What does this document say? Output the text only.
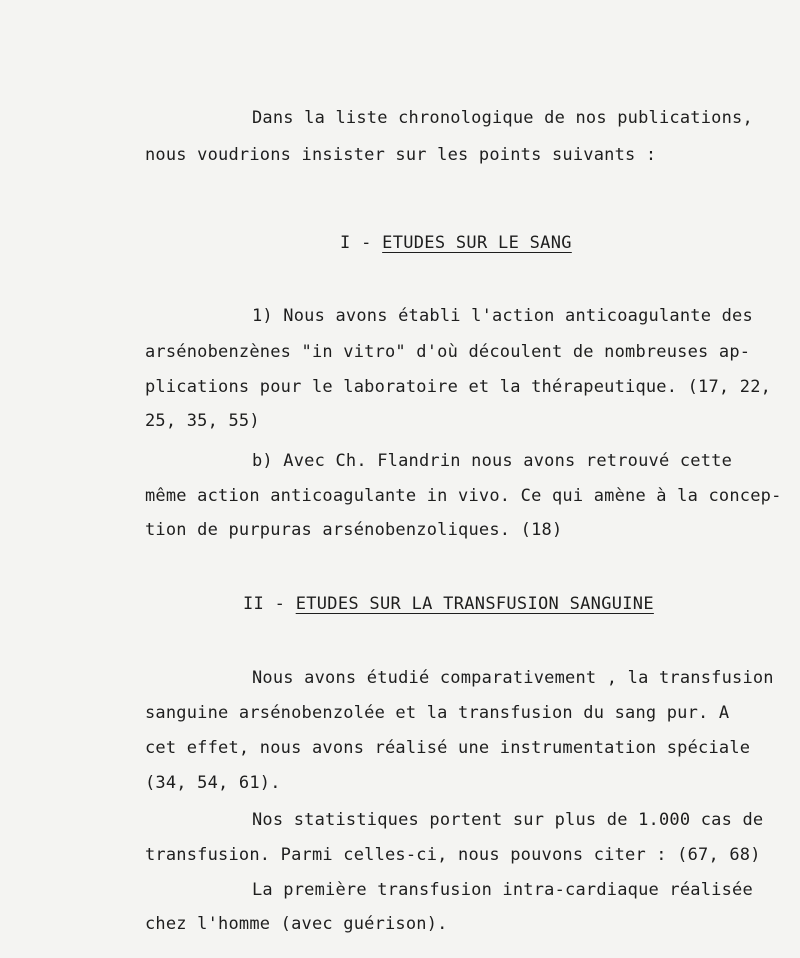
Dans la liste chronologique de nos publications,
nous voudrions insister sur les points suivants :
I - ETUDES SUR LE SANG
1) Nous avons établi l'action anticoagulante des
arsénobenzènes "in vitro" d'où découlent de nombreuses ap-
plications pour le laboratoire et la thérapeutique. (17, 22,
25, 35, 55)
b) Avec Ch. Flandrin nous avons retrouvé cette
même action anticoagulante in vivo. Ce qui amène à la concep-
tion de purpuras arsénobenzoliques. (18)
II - ETUDES SUR LA TRANSFUSION SANGUINE
Nous avons étudié comparativement , la transfusion
sanguine arsénobenzolée et la transfusion du sang pur. A
cet effet, nous avons réalisé une instrumentation spéciale
(34, 54, 61).
Nos statistiques portent sur plus de 1.000 cas de
transfusion. Parmi celles-ci, nous pouvons citer : (67, 68)
La première transfusion intra-cardiaque réalisée
chez l'homme (avec guérison).
